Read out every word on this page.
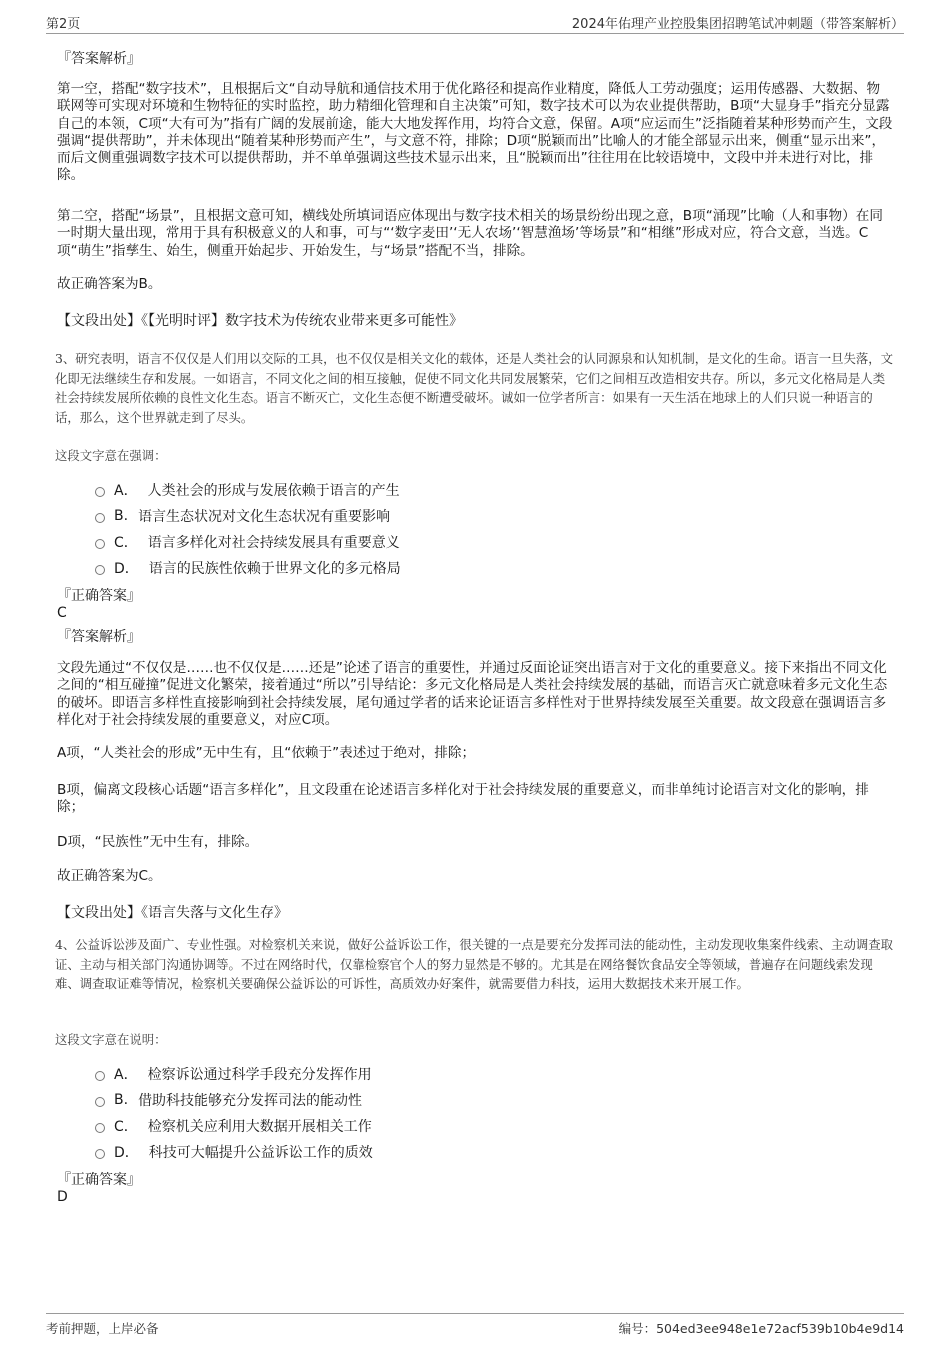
第2页	2024年佑理产业控股集团招聘笔试冲刺题（带答案解析）
『答案解析』
第一空，搭配“数字技术”，且根据后文“自动导航和通信技术用于优化路径和提高作业精度，降低人工劳动强度；运用传感器、大数据、物联网等可实现对环境和生物特征的实时监控，助力精细化管理和自主决策”可知，数字技术可以为农业提供帮助，B项“大显身手”指充分显露自己的本领，C项“大有可为”指有广阔的发展前途，能大大地发挥作用，均符合文意，保留。A项“应运而生”泛指随着某种形势而产生，文段强调“提供帮助”，并未体现出“随着某种形势而产生”，与文意不符，排除；D项“脱颖而出”比喻人的才能全部显示出来，侧重“显示出来”，而后文侧重强调数字技术可以提供帮助，并不单单强调这些技术显示出来，且“脱颖而出”往往用在比较语境中，文段中并未进行对比，排除。
第二空，搭配“场景”，且根据文意可知，横线处所填词语应体现出与数字技术相关的场景纷纷出现之意，B项“涌现”比喻（人和事物）在同一时期大量出现，常用于具有积极意义的人和事，可与“‘数字麦田’‘无人农场’‘智慧渔场’等场景”和“相继”形成对应，符合文意，当选。C项“萌生”指孳生、始生，侧重开始起步、开始发生，与“场景”搭配不当，排除。
故正确答案为B。
【文段出处】《【光明时评】数字技术为传统农业带来更多可能性》
3、研究表明，语言不仅仅是人们用以交际的工具，也不仅仅是相关文化的载体，还是人类社会的认同源泉和认知机制，是文化的生命。语言一旦失落，文化即无法继续生存和发展。一如语言，不同文化之间的相互接触，促使不同文化共同发展繁荣，它们之间相互改造相安共存。所以，多元文化格局是人类社会持续发展所依赖的良性文化生态。语言不断灭亡，文化生态便不断遭受破坏。诚如一位学者所言：如果有一天生活在地球上的人们只说一种语言的话，那么，这个世界就走到了尽头。
这段文字意在强调：
A． 人类社会的形成与发展依赖于语言的产生
B. 语言生态状况对文化生态状况有重要影响
C． 语言多样化对社会持续发展具有重要意义
D． 语言的民族性依赖于世界文化的多元格局
『正确答案』
C
『答案解析』
文段先通过“不仅仅是……也不仅仅是……还是”论述了语言的重要性，并通过反面论证突出语言对于文化的重要意义。接下来指出不同文化之间的“相互碰撞”促进文化繁荣，接着通过“所以”引导结论：多元文化格局是人类社会持续发展的基础，而语言灭亡就意味着多元文化生态的破坏。即语言多样性直接影响到社会持续发展，尾句通过学者的话来论证语言多样性对于世界持续发展至关重要。故文段意在强调语言多样化对于社会持续发展的重要意义，对应C项。
A项，“人类社会的形成”无中生有，且“依赖于”表述过于绝对，排除；
B项，偏离文段核心话题“语言多样化”，且文段重在论述语言多样化对于社会持续发展的重要意义，而非单纯讨论语言对文化的影响，排除；
D项，“民族性”无中生有，排除。
故正确答案为C。
【文段出处】《语言失落与文化生存》
4、公益诉讼涉及面广、专业性强。对检察机关来说，做好公益诉讼工作，很关键的一点是要充分发挥司法的能动性，主动发现收集案件线索、主动调查取证、主动与相关部门沟通协调等。不过在网络时代，仅靠检察官个人的努力显然是不够的。尤其是在网络餐饮食品安全等领域，普遍存在问题线索发现难、调查取证难等情况，检察机关要确保公益诉讼的可诉性，高质效办好案件，就需要借力科技，运用大数据技术来开展工作。
这段文字意在说明：
A． 检察诉讼通过科学手段充分发挥作用
B. 借助科技能够充分发挥司法的能动性
C． 检察机关应利用大数据开展相关工作
D． 科技可大幅提升公益诉讼工作的质效
『正确答案』
D
考前押题，上岸必备	编号：504ed3ee948e1e72acf539b10b4e9d14
